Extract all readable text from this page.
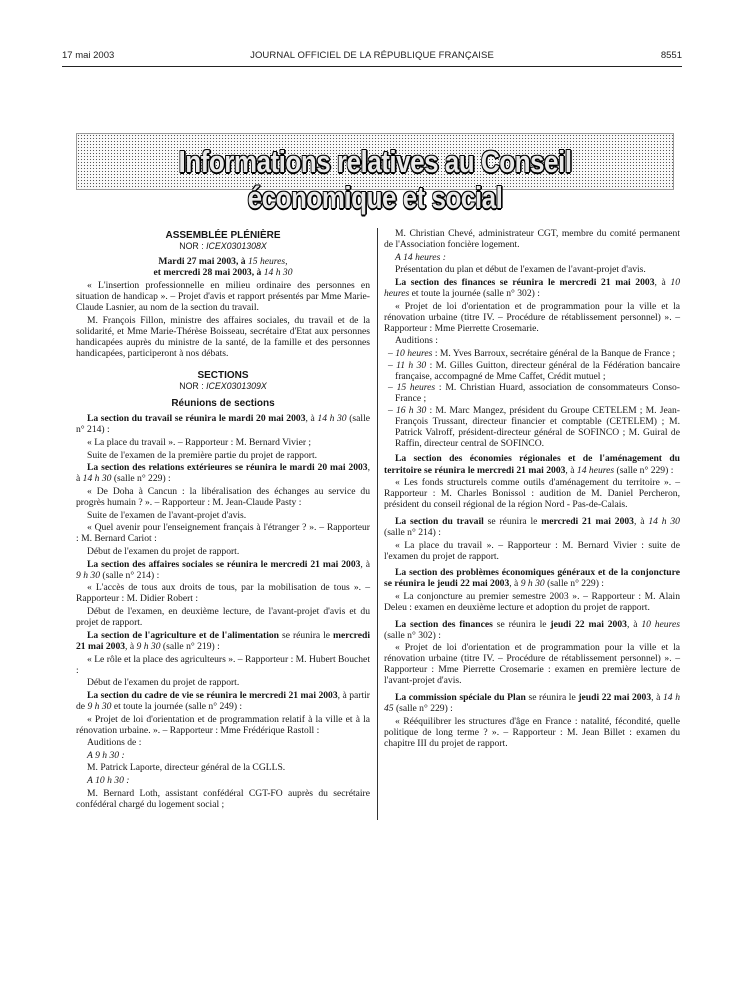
17 mai 2003	JOURNAL OFFICIEL DE LA RÉPUBLIQUE FRANÇAISE	8551
Informations relatives au Conseil économique et social
ASSEMBLÉE PLÉNIÈRE
NOR : ICEX0301308X

Mardi 27 mai 2003, à 15 heures,
et mercredi 28 mai 2003, à 14 h 30

« L'insertion professionnelle en milieu ordinaire des personnes en situation de handicap ». – Projet d'avis et rapport présentés par Mme Marie-Claude Lasnier, au nom de la section du travail.

M. François Fillon, ministre des affaires sociales, du travail et de la solidarité, et Mme Marie-Thérèse Boisseau, secrétaire d'Etat aux personnes handicapées auprès du ministre de la santé, de la famille et des personnes handicapées, participeront à nos débats.

SECTIONS
NOR : ICEX0301309X
Réunions de sections

La section du travail se réunira le mardi 20 mai 2003, à 14 h 30 (salle n° 214) :

« La place du travail ». – Rapporteur : M. Bernard Vivier ;

Suite de l'examen de la première partie du projet de rapport.

La section des relations extérieures se réunira le mardi 20 mai 2003, à 14 h 30 (salle n° 229) :

« De Doha à Cancun : la libéralisation des échanges au service du progrès humain ? ». – Rapporteur : M. Jean-Claude Pasty :

Suite de l'examen de l'avant-projet d'avis.

« Quel avenir pour l'enseignement français à l'étranger ? ». – Rapporteur : M. Bernard Cariot :

Début de l'examen du projet de rapport.

La section des affaires sociales se réunira le mercredi 21 mai 2003, à 9 h 30 (salle n° 214) :

« L'accès de tous aux droits de tous, par la mobilisation de tous ». – Rapporteur : M. Didier Robert :

Début de l'examen, en deuxième lecture, de l'avant-projet d'avis et du projet de rapport.

La section de l'agriculture et de l'alimentation se réunira le mercredi 21 mai 2003, à 9 h 30 (salle n° 219) :

« Le rôle et la place des agriculteurs ». – Rapporteur : M. Hubert Bouchet :

Début de l'examen du projet de rapport.

La section du cadre de vie se réunira le mercredi 21 mai 2003, à partir de 9 h 30 et toute la journée (salle n° 249) :

« Projet de loi d'orientation et de programmation relatif à la ville et à la rénovation urbaine. ». – Rapporteur : Mme Frédérique Rastoll :

Auditions de :

A 9 h 30 :

M. Patrick Laporte, directeur général de la CGLLS.

A 10 h 30 :

M. Bernard Loth, assistant confédéral CGT-FO auprès du secrétaire confédéral chargé du logement social ;

M. Christian Chevé, administrateur CGT, membre du comité permanent de l'Association foncière logement.

A 14 heures :

Présentation du plan et début de l'examen de l'avant-projet d'avis.

La section des finances se réunira le mercredi 21 mai 2003, à 10 heures et toute la journée (salle n° 302) :

« Projet de loi d'orientation et de programmation pour la ville et la rénovation urbaine (titre IV. – Procédure de rétablissement personnel) ». – Rapporteur : Mme Pierrette Crosemarie.

Auditions :

– 10 heures : M. Yves Barroux, secrétaire général de la Banque de France ;
– 11 h 30 : M. Gilles Guitton, directeur général de la Fédération bancaire française, accompagné de Mme Caffet, Crédit mutuel ;
– 15 heures : M. Christian Huard, association de consommateurs Conso-France ;
– 16 h 30 : M. Marc Mangez, président du Groupe CETELEM ; M. Jean-François Trussant, directeur financier et comptable (CETELEM) ; M. Patrick Valroff, président-directeur général de SOFINCO ; M. Guiral de Raffin, directeur central de SOFINCO.

La section des économies régionales et de l'aménagement du territoire se réunira le mercredi 21 mai 2003, à 14 heures (salle n° 229) :

« Les fonds structurels comme outils d'aménagement du territoire ». – Rapporteur : M. Charles Bonissol : audition de M. Daniel Percheron, président du conseil régional de la région Nord - Pas-de-Calais.

La section du travail se réunira le mercredi 21 mai 2003, à 14 h 30 (salle n° 214) :

« La place du travail ». – Rapporteur : M. Bernard Vivier : suite de l'examen du projet de rapport.

La section des problèmes économiques généraux et de la conjoncture se réunira le jeudi 22 mai 2003, à 9 h 30 (salle n° 229) :

« La conjoncture au premier semestre 2003 ». – Rapporteur : M. Alain Deleu : examen en deuxième lecture et adoption du projet de rapport.

La section des finances se réunira le jeudi 22 mai 2003, à 10 heures (salle n° 302) :

« Projet de loi d'orientation et de programmation pour la ville et la rénovation urbaine (titre IV. – Procédure de rétablissement personnel) ». – Rapporteur : Mme Pierrette Crosemarie : examen en première lecture de l'avant-projet d'avis.

La commission spéciale du Plan se réunira le jeudi 22 mai 2003, à 14 h 45 (salle n° 229) :

« Rééquilibrer les structures d'âge en France : natalité, fécondité, quelle politique de long terme ? ». – Rapporteur : M. Jean Billet : examen du chapitre III du projet de rapport.
